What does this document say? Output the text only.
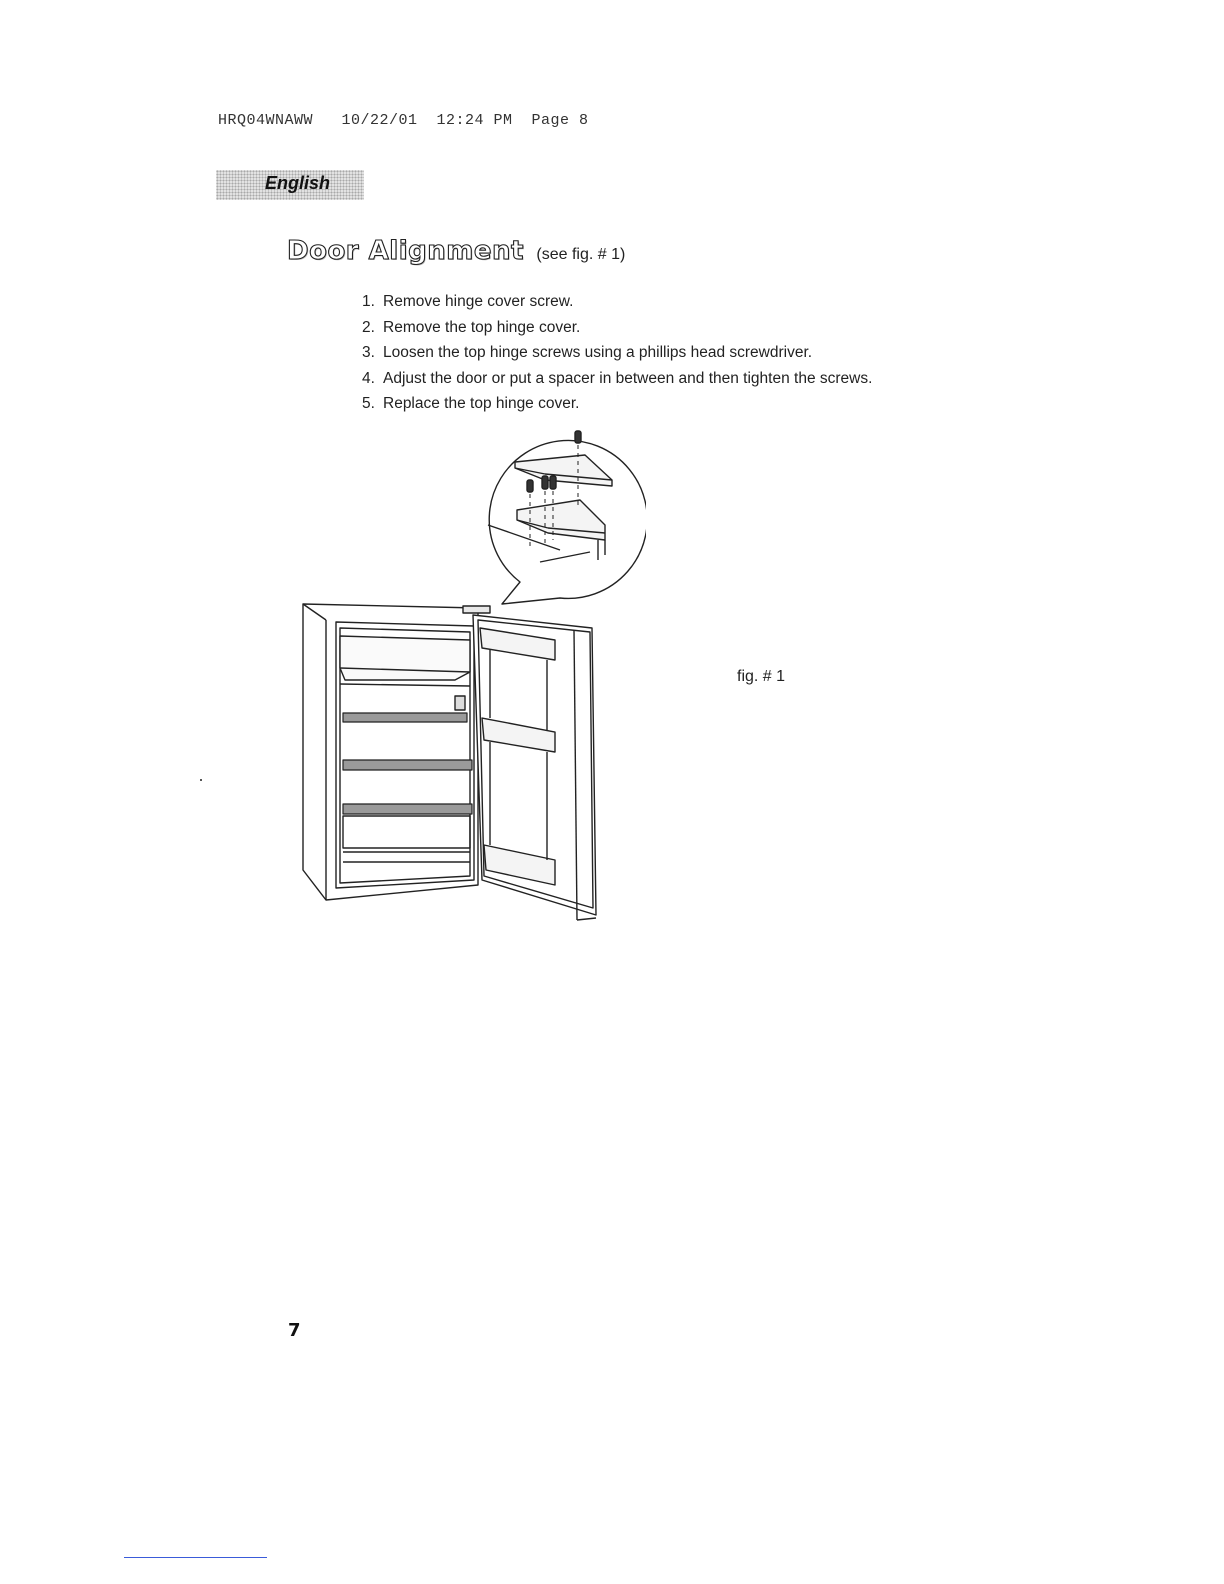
HRQ04WNAWW   10/22/01  12:24 PM  Page 8
English
Door Alignment (see fig. # 1)
1. Remove hinge cover screw.
2. Remove the top hinge cover.
3. Loosen the top hinge screws using a phillips head screwdriver.
4. Adjust the door or put a spacer in between and then tighten the screws.
5. Replace the top hinge cover.
fig. # 1
7
